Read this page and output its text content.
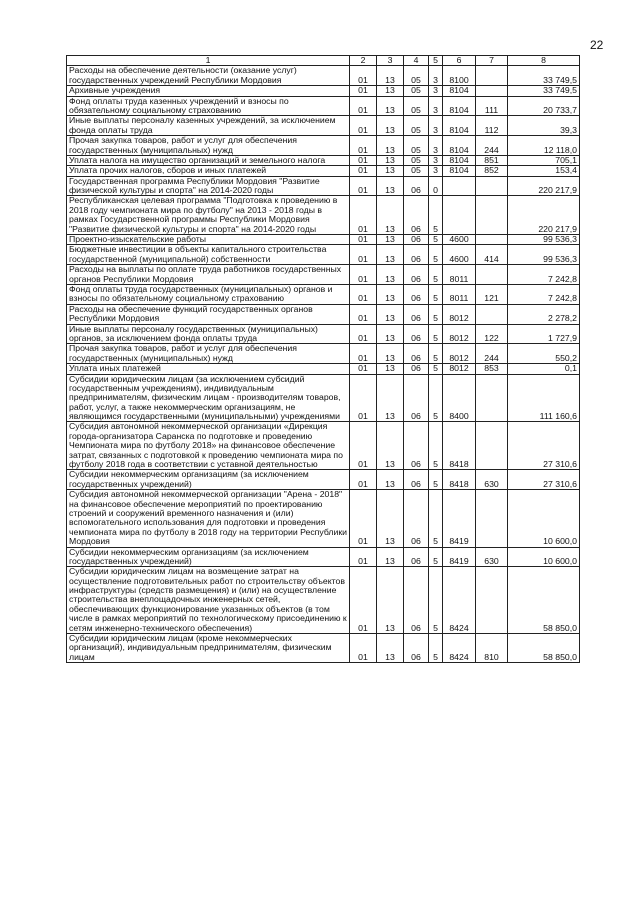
22
1	2	3	4	5	6	7	8
Расходы на обеспечение деятельности (оказание услуг) государственных учреждений Республики Мордовия	01	13	05	3	8100		33 749,5
Архивные учреждения	01	13	05	3	8104		33 749,5
Фонд оплаты труда казенных учреждений и взносы по обязательному социальному страхованию	01	13	05	3	8104	111	20 733,7
Иные выплаты персоналу казенных учреждений, за исключением фонда оплаты труда	01	13	05	3	8104	112	39,3
Прочая закупка товаров, работ и услуг для обеспечения государственных (муниципальных) нужд	01	13	05	3	8104	244	12 118,0
Уплата налога на имущество организаций и земельного налога	01	13	05	3	8104	851	705,1
Уплата прочих налогов, сборов и иных платежей	01	13	05	3	8104	852	153,4
Государственная программа Республики Мордовия "Развитие физической культуры и спорта" на 2014-2020 годы	01	13	06	0			220 217,9
Республиканская целевая программа "Подготовка к проведению в 2018 году чемпионата мира по футболу" на 2013 - 2018 годы в рамках Государственной программы Республики Мордовия "Развитие физической культуры и спорта" на 2014-2020 годы	01	13	06	5			220 217,9
Проектно-изыскательские работы	01	13	06	5	4600		99 536,3
Бюджетные инвестиции в объекты капитального строительства государственной (муниципальной) собственности	01	13	06	5	4600	414	99 536,3
Расходы на выплаты по оплате труда работников государственных органов Республики Мордовия	01	13	06	5	8011		7 242,8
Фонд оплаты труда государственных (муниципальных) органов и взносы по обязательному социальному страхованию	01	13	06	5	8011	121	7 242,8
Расходы на обеспечение функций государственных органов Республики Мордовия	01	13	06	5	8012		2 278,2
Иные выплаты персоналу государственных (муниципальных) органов, за исключением фонда оплаты труда	01	13	06	5	8012	122	1 727,9
Прочая закупка товаров, работ и услуг для обеспечения государственных (муниципальных) нужд	01	13	06	5	8012	244	550,2
Уплата иных платежей	01	13	06	5	8012	853	0,1
Субсидии юридическим лицам (за исключением субсидий государственным учреждениям), индивидуальным предпринимателям, физическим лицам - производителям товаров, работ, услуг, а также некоммерческим организациям, не являющимся государственными (муниципальными) учреждениями	01	13	06	5	8400		111 160,6
Субсидия автономной некоммерческой организации «Дирекция города-организатора Саранска по подготовке и проведению Чемпионата мира по футболу 2018» на финансовое обеспечение затрат, связанных с подготовкой к проведению чемпионата мира по футболу 2018 года в соответствии с уставной деятельностью	01	13	06	5	8418		27 310,6
Субсидии некоммерческим организациям (за исключением государственных учреждений)	01	13	06	5	8418	630	27 310,6
Субсидия автономной некоммерческой организации "Арена - 2018" на финансовое обеспечение мероприятий по проектированию строений и сооружений временного назначения и (или) вспомогательного использования для подготовки и проведения чемпионата мира по футболу в 2018 году на территории Республики Мордовия	01	13	06	5	8419		10 600,0
Субсидии некоммерческим организациям (за исключением государственных учреждений)	01	13	06	5	8419	630	10 600,0
Субсидии юридическим лицам на возмещение затрат на осуществление подготовительных работ по строительству объектов инфраструктуры (средств размещения) и (или) на осуществление строительства внеплощадочных инженерных сетей, обеспечивающих функционирование указанных объектов (в том числе в рамках мероприятий по технологическому присоединению к сетям инженерно-технического обеспечения)	01	13	06	5	8424		58 850,0
Субсидии юридическим лицам (кроме некоммерческих организаций), индивидуальным предпринимателям, физическим лицам	01	13	06	5	8424	810	58 850,0
